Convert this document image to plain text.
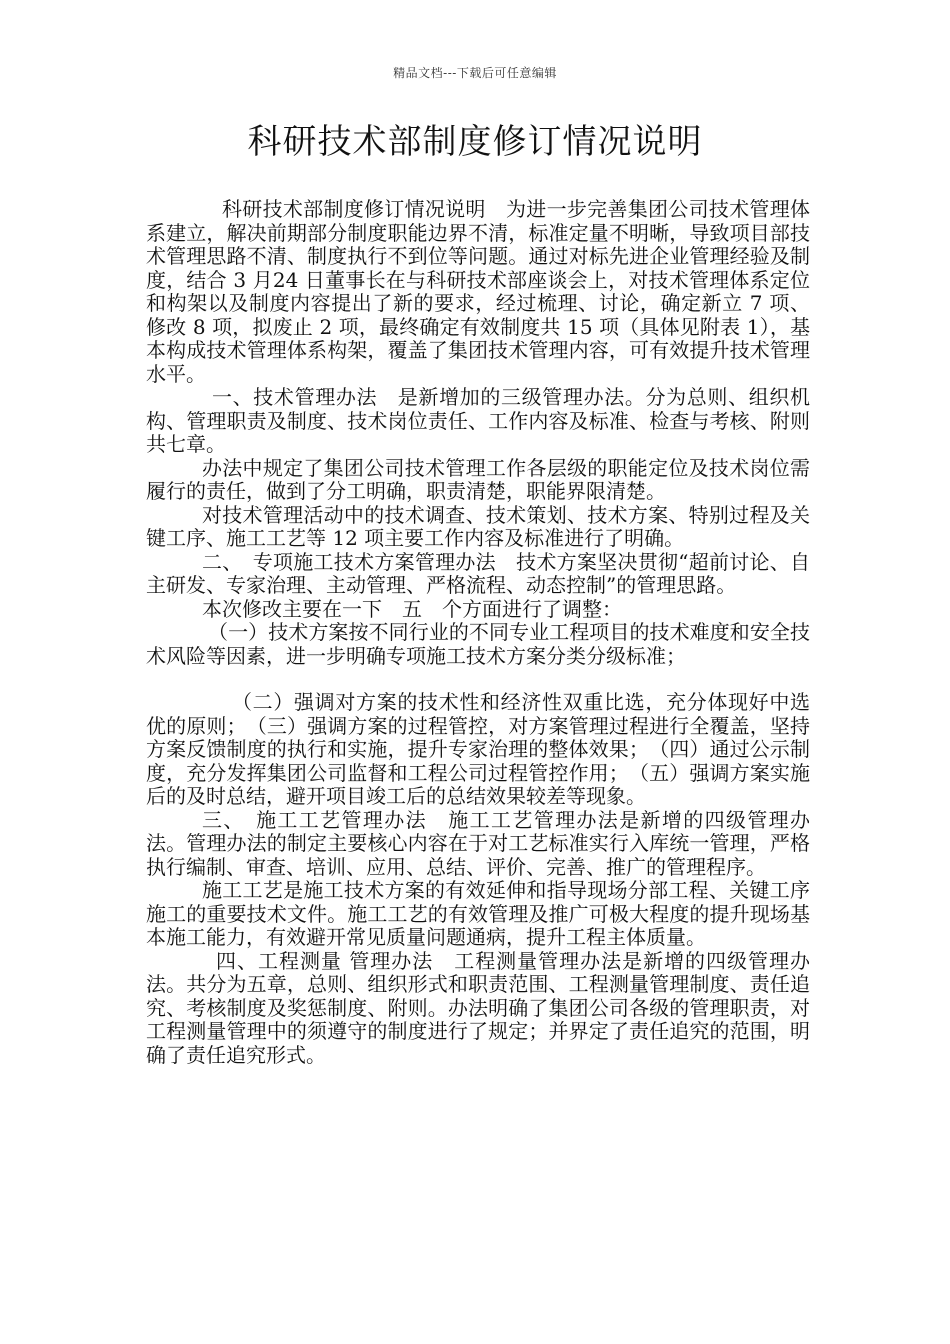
精品文档---下载后可任意编辑
科研技术部制度修订情况说明

科研技术部制度修订情况说明　为进一步完善集团公司技术管理体系建立，解决前期部分制度职能边界不清，标准定量不明晰，导致项目部技术管理思路不清、制度执行不到位等问题。通过对标先进企业管理经验及制度，结合 3 月24 日董事长在与科研技术部座谈会上，对技术管理体系定位和构架以及制度内容提出了新的要求，经过梳理、讨论，确定新立 7 项、修改 8 项，拟废止 2 项，最终确定有效制度共 15 项（具体见附表 1），基本构成技术管理体系构架，覆盖了集团技术管理内容，可有效提升技术管理水平。

一、技术管理办法　是新增加的三级管理办法。分为总则、组织机构、管理职责及制度、技术岗位责任、工作内容及标准、检查与考核、附则共七章。

办法中规定了集团公司技术管理工作各层级的职能定位及技术岗位需履行的责任，做到了分工明确，职责清楚，职能界限清楚。

对技术管理活动中的技术调查、技术策划、技术方案、特别过程及关键工序、施工工艺等 12 项主要工作内容及标准进行了明确。

二、　专项施工技术方案管理办法　技术方案坚决贯彻“超前讨论、自主研发、专家治理、主动管理、严格流程、动态控制”的管理思路。

本次修改主要在一下　五　个方面进行了调整：

（一）技术方案按不同行业的不同专业工程项目的技术难度和安全技术风险等因素，进一步明确专项施工技术方案分类分级标准；

（二）强调对方案的技术性和经济性双重比选，充分体现好中选优的原则；　（三）强调方案的过程管控，对方案管理过程进行全覆盖，坚持方案反馈制度的执行和实施，提升专家治理的整体效果；　（四）通过公示制度，充分发挥集团公司监督和工程公司过程管控作用；　（五）强调方案实施后的及时总结，避开项目竣工后的总结效果较差等现象。

三、　施工工艺管理办法　施工工艺管理办法是新增的四级管理办法。管理办法的制定主要核心内容在于对工艺标准实行入库统一管理，严格执行编制、审查、培训、应用、总结、评价、完善、推广的管理程序。

施工工艺是施工技术方案的有效延伸和指导现场分部工程、关键工序施工的重要技术文件。施工工艺的有效管理及推广可极大程度的提升现场基本施工能力，有效避开常见质量问题通病，提升工程主体质量。

四、工程测量 管理办法　工程测量管理办法是新增的四级管理办法。共分为五章，总则、组织形式和职责范围、工程测量管理制度、责任追究、考核制度及奖惩制度、附则。办法明确了集团公司各级的管理职责，对工程测量管理中的须遵守的制度进行了规定；并界定了责任追究的范围，明确了责任追究形式。
